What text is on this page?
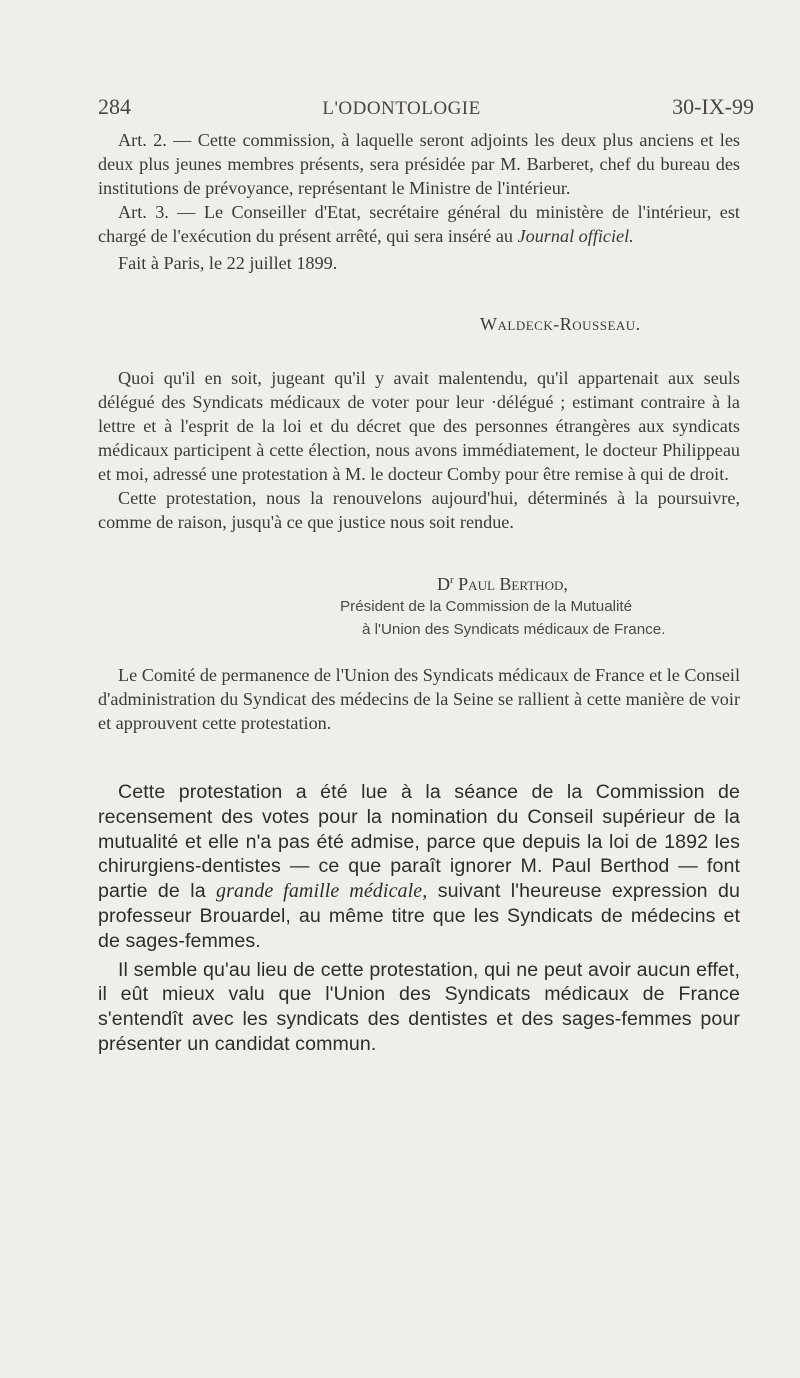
284	L'ODONTOLOGIE	30-IX-99

Art. 2. — Cette commission, à laquelle seront adjoints les deux plus anciens et les deux plus jeunes membres présents, sera présidée par M. Barberet, chef du bureau des institutions de prévoyance, représentant le Ministre de l'intérieur.

Art. 3. — Le Conseiller d'Etat, secrétaire général du ministère de l'intérieur, est chargé de l'exécution du présent arrêté, qui sera inséré au Journal officiel.

Fait à Paris, le 22 juillet 1899.

Waldeck-Rousseau.

Quoi qu'il en soit, jugeant qu'il y avait malentendu, qu'il appartenait aux seuls délégué des Syndicats médicaux de voter pour leur ·délégué ; estimant contraire à la lettre et à l'esprit de la loi et du décret que des personnes étrangères aux syndicats médicaux participent à cette élection, nous avons immédiatement, le docteur Philippeau et moi, adressé une protestation à M. le docteur Comby pour être remise à qui de droit.

Cette protestation, nous la renouvelons aujourd'hui, déterminés à la poursuivre, comme de raison, jusqu'à ce que justice nous soit rendue.

$D^r$ Paul Berthod,
Président de la Commission de la Mutualité
à l'Union des Syndicats médicaux de France.

Le Comité de permanence de l'Union des Syndicats médicaux de France et le Conseil d'administration du Syndicat des médecins de la Seine se rallient à cette manière de voir et approuvent cette protestation.

Cette protestation a été lue à la séance de la Commission de recensement des votes pour la nomination du Conseil supérieur de la mutualité et elle n'a pas été admise, parce que depuis la loi de 1892 les chirurgiens-dentistes — ce que paraît ignorer M. Paul Berthod — font partie de la grande famille médicale, suivant l'heureuse expression du professeur Brouardel, au même titre que les Syndicats de médecins et de sages-femmes.

Il semble qu'au lieu de cette protestation, qui ne peut avoir aucun effet, il eût mieux valu que l'Union des Syndicats médicaux de France s'entendît avec les syndicats des dentistes et des sages-femmes pour présenter un candidat commun.
